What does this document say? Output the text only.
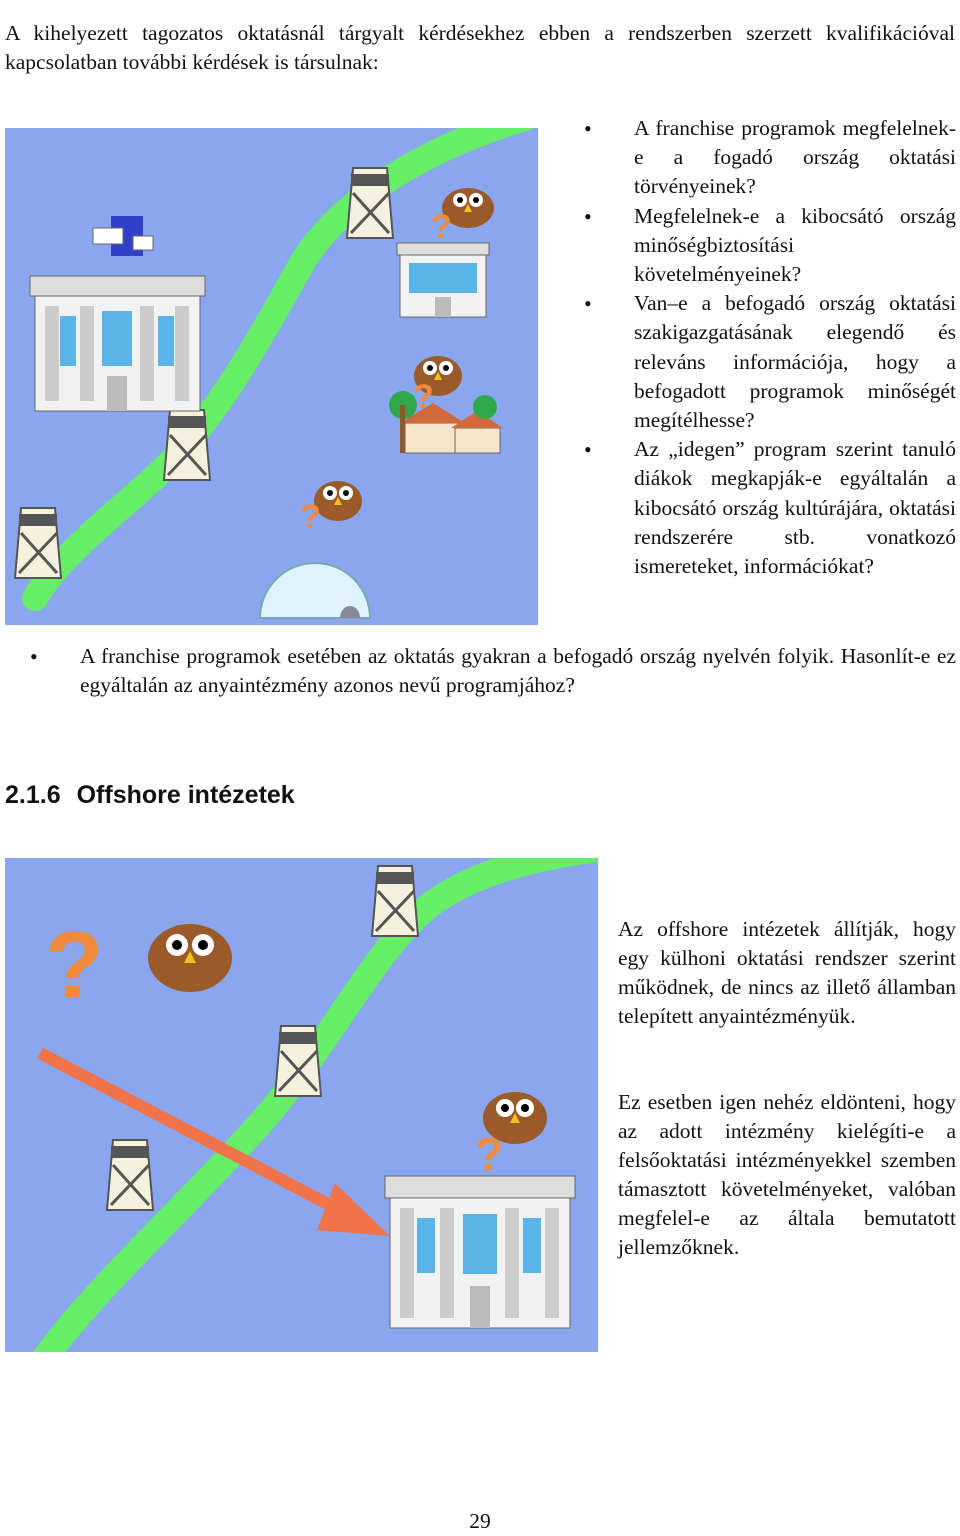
A kihelyezett tagozatos oktatásnál tárgyalt kérdésekhez ebben a rendszerben szerzett kvalifikációval kapcsolatban további kérdések is társulnak:

?
?
?
• A franchise programok megfelelnek-e a fogadó ország oktatási törvényeinek?
• Megfelelnek-e a kibocsátó ország minőségbiztosítási követelményeinek?
• Van–e a befogadó ország oktatási szakigazgatásának elegendő és releváns információja, hogy a befogadott programok minőségét megítélhesse?
• Az „idegen” program szerint tanuló diákok megkapják-e egyáltalán a kibocsátó ország kultúrájára, oktatási rendszerére stb. vonatkozó ismereteket, információkat?
• A franchise programok esetében az oktatás gyakran a befogadó ország nyelvén folyik. Hasonlít-e ez egyáltalán az anyaintézmény azonos nevű programjához?
2.1.6 Offshore intézetek
?
?

Az offshore intézetek állítják, hogy egy külhoni oktatási rendszer szerint működnek, de nincs az illető államban telepített anyaintézményük.

Ez esetben igen nehéz eldönteni, hogy az adott intézmény kielégíti-e a felsőoktatási intézményekkel szemben támasztott követelményeket, valóban megfelel-e az általa bemutatott jellemzőknek.

29
